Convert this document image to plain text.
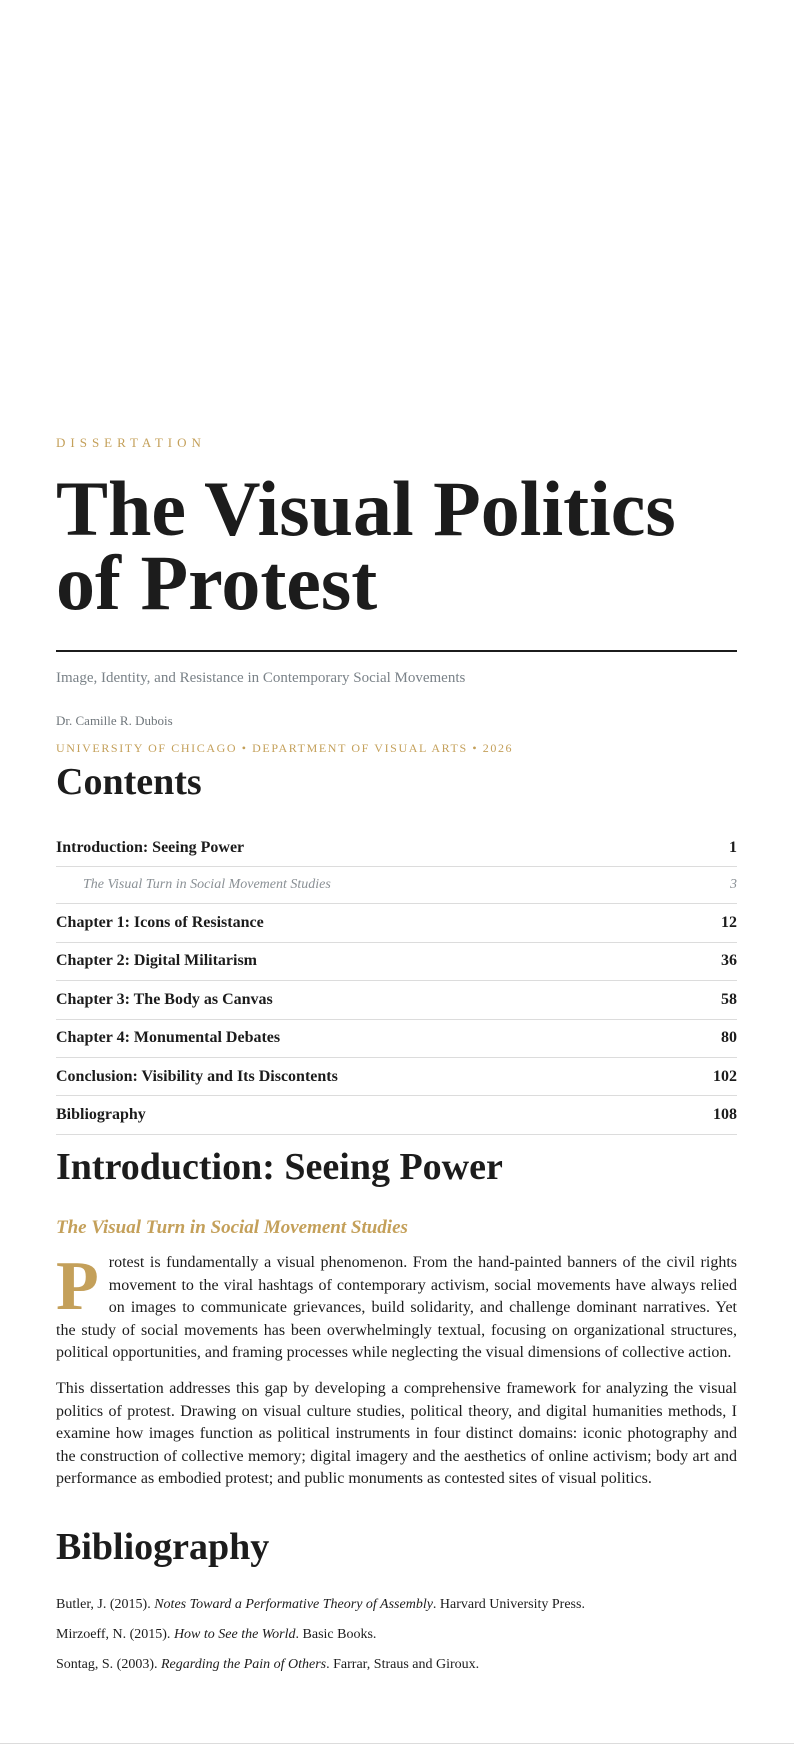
DISSERTATION
The Visual Politics of Protest
Image, Identity, and Resistance in Contemporary Social Movements
Dr. Camille R. Dubois
UNIVERSITY OF CHICAGO • DEPARTMENT OF VISUAL ARTS • 2026
Contents
Introduction: Seeing Power	1
The Visual Turn in Social Movement Studies	3
Chapter 1: Icons of Resistance	12
Chapter 2: Digital Militarism	36
Chapter 3: The Body as Canvas	58
Chapter 4: Monumental Debates	80
Conclusion: Visibility and Its Discontents	102
Bibliography	108
Introduction: Seeing Power
The Visual Turn in Social Movement Studies

Protest is fundamentally a visual phenomenon. From the hand-painted banners of the civil rights movement to the viral hashtags of contemporary activism, social movements have always relied on images to communicate grievances, build solidarity, and challenge dominant narratives. Yet the study of social movements has been overwhelmingly textual, focusing on organizational structures, political opportunities, and framing processes while neglecting the visual dimensions of collective action.

This dissertation addresses this gap by developing a comprehensive framework for analyzing the visual politics of protest. Drawing on visual culture studies, political theory, and digital humanities methods, I examine how images function as political instruments in four distinct domains: iconic photography and the construction of collective memory; digital imagery and the aesthetics of online activism; body art and performance as embodied protest; and public monuments as contested sites of visual politics.

Bibliography
Butler, J. (2015). Notes Toward a Performative Theory of Assembly. Harvard University Press.
Mirzoeff, N. (2015). How to See the World. Basic Books.
Sontag, S. (2003). Regarding the Pain of Others. Farrar, Straus and Giroux.
